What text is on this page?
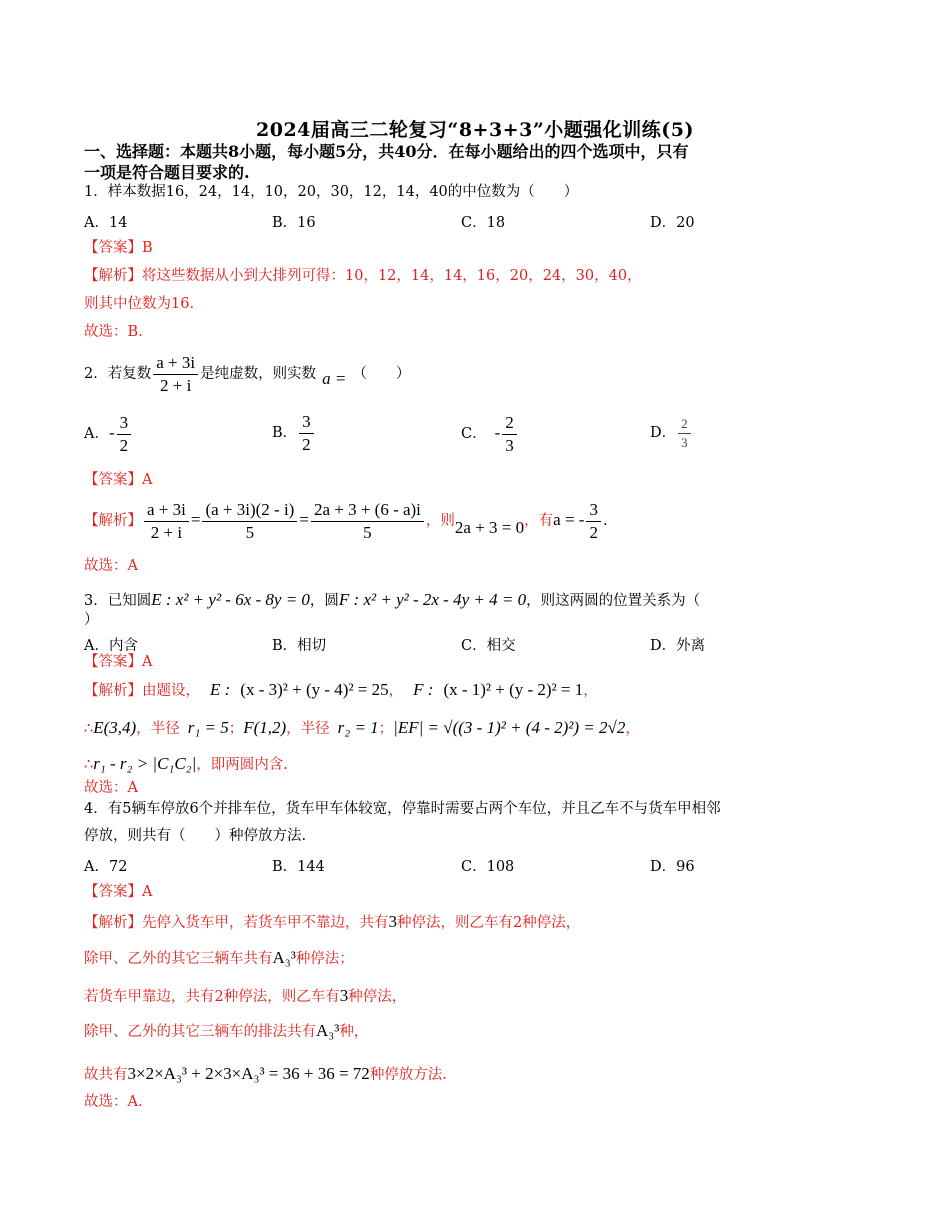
2024届高三二轮复习“8+3+3”小题强化训练(5)
一、选择题：本题共8小题，每小题5分，共40分．在每小题给出的四个选项中，只有
一项是符合题目要求的.
1．样本数据16，24，14，10，20，30，12，14，40的中位数为（　　）
A．14	B．16	C．18	D．20
【答案】B
【解析】将这些数据从小到大排列可得：10，12，14，14，16，20，24，30，40，
则其中位数为16.
故选：B.
2．若复数 $\frac{a + 3i}{2 + i}$ 是纯虚数，则实数 a = （　　）
A．- $\frac{3}{2}$	B． $\frac{3}{2}$	C． - $\frac{2}{3}$	D． $\frac{2}{3}$
【答案】A
【解析】 $\frac{a + 3i}{2 + i} = \frac{(a + 3i)(2 - i)}{5} = \frac{2a + 3 + (6 - a)i}{5}$ ，则2a + 3 = 0，有a = - $\frac{3}{2}$ .
故选：A
3．已知圆E : x² + y² - 6x - 8y = 0，圆F : x² + y² - 2x - 4y + 4 = 0，则这两圆的位置关系为（
）
A．内含	B．相切	C．相交	D．外离
【答案】A
【解析】由题设， E : (x - 3)² + (y - 4)² = 25， F : (x - 1)² + (y - 2)² = 1，
∴E(3,4)，半径 r₁ = 5；F(1,2)，半径 r₂ = 1；|EF| = √((3 - 1)² + (4 - 2)²) = 2√2，
∴r₁ - r₂ > |C₁C₂|，即两圆内含.
故选：A
4．有5辆车停放6个并排车位，货车甲车体较宽，停靠时需要占两个车位，并且乙车不与货车甲相邻
停放，则共有（　　）种停放方法.
A．72	B．144	C．108	D．96
【答案】A
【解析】先停入货车甲，若货车甲不靠边，共有3种停法，则乙车有2种停法，
除甲、乙外的其它三辆车共有A₃³种停法；
若货车甲靠边，共有2种停法，则乙车有3种停法，
除甲、乙外的其它三辆车的排法共有A₃³种，
故共有3×2×A₃³ + 2×3×A₃³ = 36 + 36 = 72种停放方法.
故选：A.
